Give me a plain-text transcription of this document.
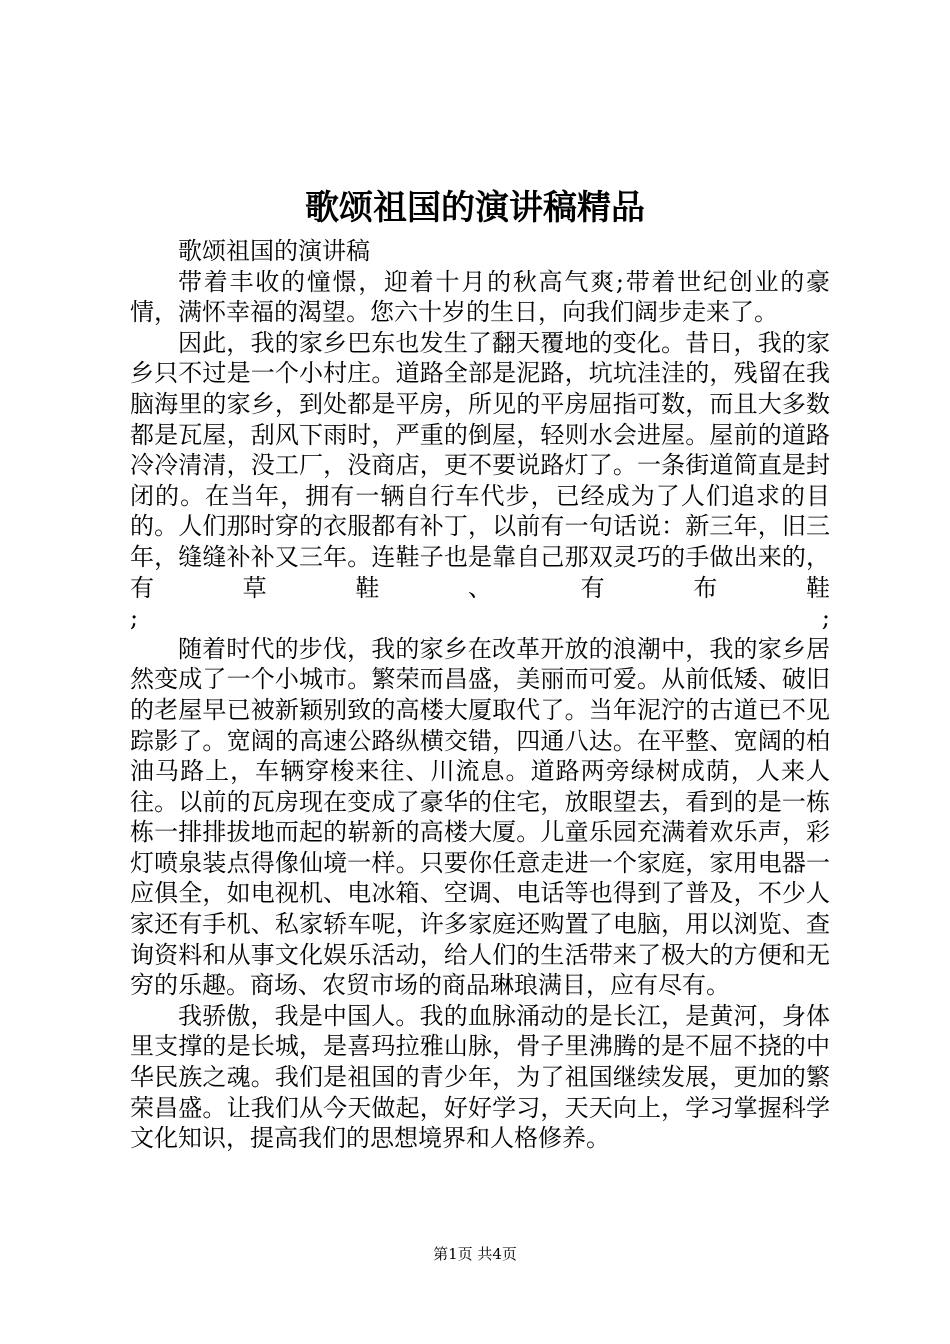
歌颂祖国的演讲稿精品

歌颂祖国的演讲稿

带着丰收的憧憬，迎着十月的秋高气爽;带着世纪创业的豪情，满怀幸福的渴望。您六十岁的生日，向我们阔步走来了。

因此，我的家乡巴东也发生了翻天覆地的变化。昔日，我的家乡只不过是一个小村庄。道路全部是泥路，坑坑洼洼的，残留在我脑海里的家乡，到处都是平房，所见的平房屈指可数，而且大多数都是瓦屋，刮风下雨时，严重的倒屋，轻则水会进屋。屋前的道路冷冷清清，没工厂，没商店，更不要说路灯了。一条街道简直是封闭的。在当年，拥有一辆自行车代步，已经成为了人们追求的目的。人们那时穿的衣服都有补丁，以前有一句话说：新三年，旧三年，缝缝补补又三年。连鞋子也是靠自己那双灵巧的手做出来的，有草鞋、有布鞋

; ;

随着时代的步伐，我的家乡在改革开放的浪潮中，我的家乡居然变成了一个小城市。繁荣而昌盛，美丽而可爱。从前低矮、破旧的老屋早已被新颖别致的高楼大厦取代了。当年泥泞的古道已不见踪影了。宽阔的高速公路纵横交错，四通八达。在平整、宽阔的柏油马路上，车辆穿梭来往、川流息。道路两旁绿树成荫，人来人往。以前的瓦房现在变成了豪华的住宅，放眼望去，看到的是一栋栋一排排拔地而起的崭新的高楼大厦。儿童乐园充满着欢乐声，彩灯喷泉装点得像仙境一样。只要你任意走进一个家庭，家用电器一应俱全，如电视机、电冰箱、空调、电话等也得到了普及，不少人家还有手机、私家轿车呢，许多家庭还购置了电脑，用以浏览、查询资料和从事文化娱乐活动，给人们的生活带来了极大的方便和无穷的乐趣。商场、农贸市场的商品琳琅满目，应有尽有。

我骄傲，我是中国人。我的血脉涌动的是长江，是黄河，身体里支撑的是长城，是喜玛拉雅山脉，骨子里沸腾的是不屈不挠的中华民族之魂。我们是祖国的青少年，为了祖国继续发展，更加的繁荣昌盛。让我们从今天做起，好好学习，天天向上，学习掌握科学文化知识，提高我们的思想境界和人格修养。

第1页 共4页
